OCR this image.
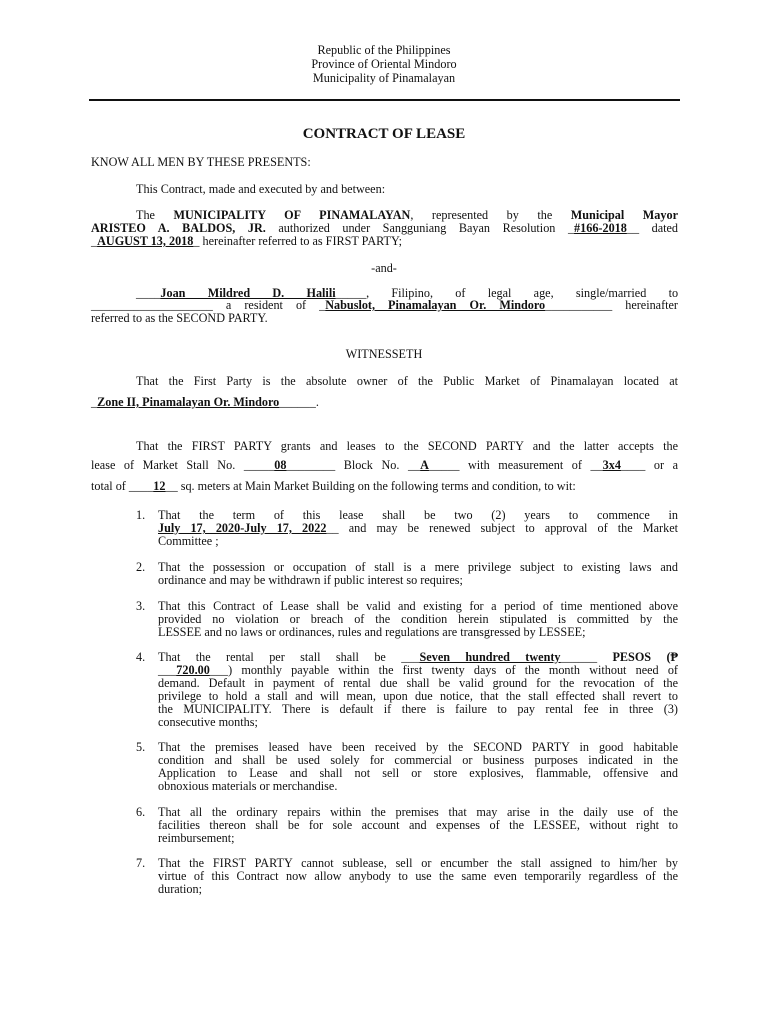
Republic of the Philippines
Province of Oriental Mindoro
Municipality of Pinamalayan
CONTRACT OF LEASE
KNOW ALL MEN BY THESE PRESENTS:
This Contract, made and executed by and between:
The MUNICIPALITY OF PINAMALAYAN, represented by the Municipal Mayor
ARISTEO A. BALDOS, JR. authorized under Sangguniang Bayan Resolution _#166-2018__ dated
_AUGUST 13, 2018_ hereinafter referred to as FIRST PARTY;
-and-
____Joan Mildred D. Halili_____, Filipino, of legal age, single/married to
____________________ a resident of _Nabuslot, Pinamalayan Or. Mindoro___________ hereinafter
referred to as the SECOND PARTY.
WITNESSETH
That the First Party is the absolute owner of the Public Market of Pinamalayan located at
_Zone II, Pinamalayan Or. Mindoro______.
That the FIRST PARTY grants and leases to the SECOND PARTY and the latter accepts the
lease of Market Stall No. _____08________ Block No. __A_____ with measurement of __3x4____ or a
total of ____12__ sq. meters at Main Market Building on the following terms and condition, to wit:
1.	That the term of this lease shall be two (2) years to commence in
July 17, 2020-July 17, 2022__ and may be renewed subject to approval of the Market
Committee ;
2.	That the possession or occupation of stall is a mere privilege subject to existing laws and
ordinance and may be withdrawn if public interest so requires;
3.	That this Contract of Lease shall be valid and existing for a period of time mentioned above
provided no violation or breach of the condition herein stipulated is committed by the
LESSEE and no laws or ordinances, rules and regulations are transgressed by LESSEE;
4.	That the rental per stall shall be ___Seven hundred twenty______ PESOS (₱
___720.00___) monthly payable within the first twenty days of the month without need of
demand. Default in payment of rental due shall be valid ground for the revocation of the
privilege to hold a stall and will mean, upon due notice, that the stall effected shall revert to
the MUNICIPALITY. There is default if there is failure to pay rental fee in three (3)
consecutive months;
5.	That the premises leased have been received by the SECOND PARTY in good habitable
condition and shall be used solely for commercial or business purposes indicated in the
Application to Lease and shall not sell or store explosives, flammable, offensive and
obnoxious materials or merchandise.
6.	That all the ordinary repairs within the premises that may arise in the daily use of the
facilities thereon shall be for sole account and expenses of the LESSEE, without right to
reimbursement;
7.	That the FIRST PARTY cannot sublease, sell or encumber the stall assigned to him/her by
virtue of this Contract now allow anybody to use the same even temporarily regardless of the
duration;
